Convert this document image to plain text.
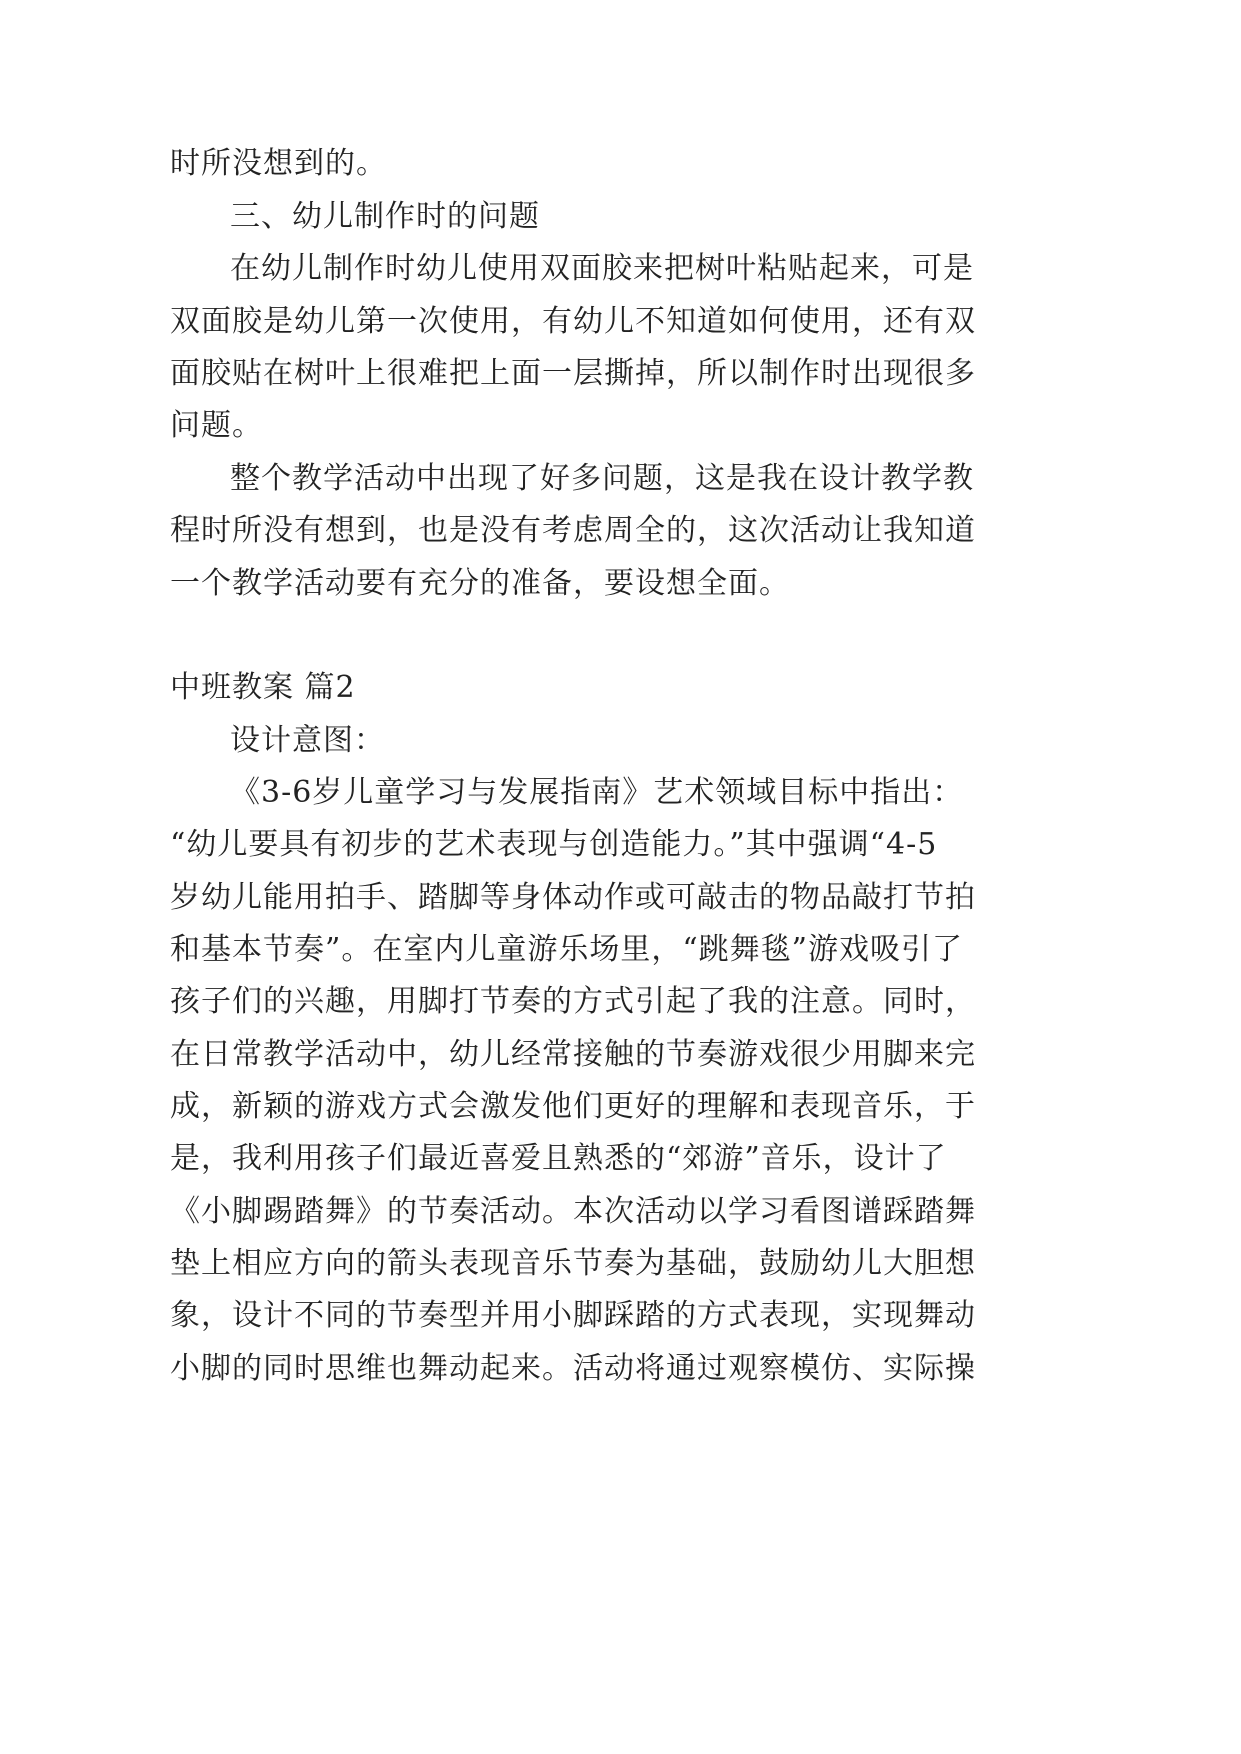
时所没想到的。
三、幼儿制作时的问题
在幼儿制作时幼儿使用双面胶来把树叶粘贴起来，可是
双面胶是幼儿第一次使用，有幼儿不知道如何使用，还有双
面胶贴在树叶上很难把上面一层撕掉，所以制作时出现很多
问题。
整个教学活动中出现了好多问题，这是我在设计教学教
程时所没有想到，也是没有考虑周全的，这次活动让我知道
一个教学活动要有充分的准备，要设想全面。
中班教案 篇2
设计意图：
《3-6岁儿童学习与发展指南》艺术领域目标中指出：
“幼儿要具有初步的艺术表现与创造能力。”其中强调“4-5
岁幼儿能用拍手、踏脚等身体动作或可敲击的物品敲打节拍
和基本节奏”。在室内儿童游乐场里，“跳舞毯”游戏吸引了
孩子们的兴趣，用脚打节奏的方式引起了我的注意。同时，
在日常教学活动中，幼儿经常接触的节奏游戏很少用脚来完
成，新颖的游戏方式会激发他们更好的理解和表现音乐，于
是，我利用孩子们最近喜爱且熟悉的“郊游”音乐，设计了
《小脚踢踏舞》的节奏活动。本次活动以学习看图谱踩踏舞
垫上相应方向的箭头表现音乐节奏为基础，鼓励幼儿大胆想
象，设计不同的节奏型并用小脚踩踏的方式表现，实现舞动
小脚的同时思维也舞动起来。活动将通过观察模仿、实际操
